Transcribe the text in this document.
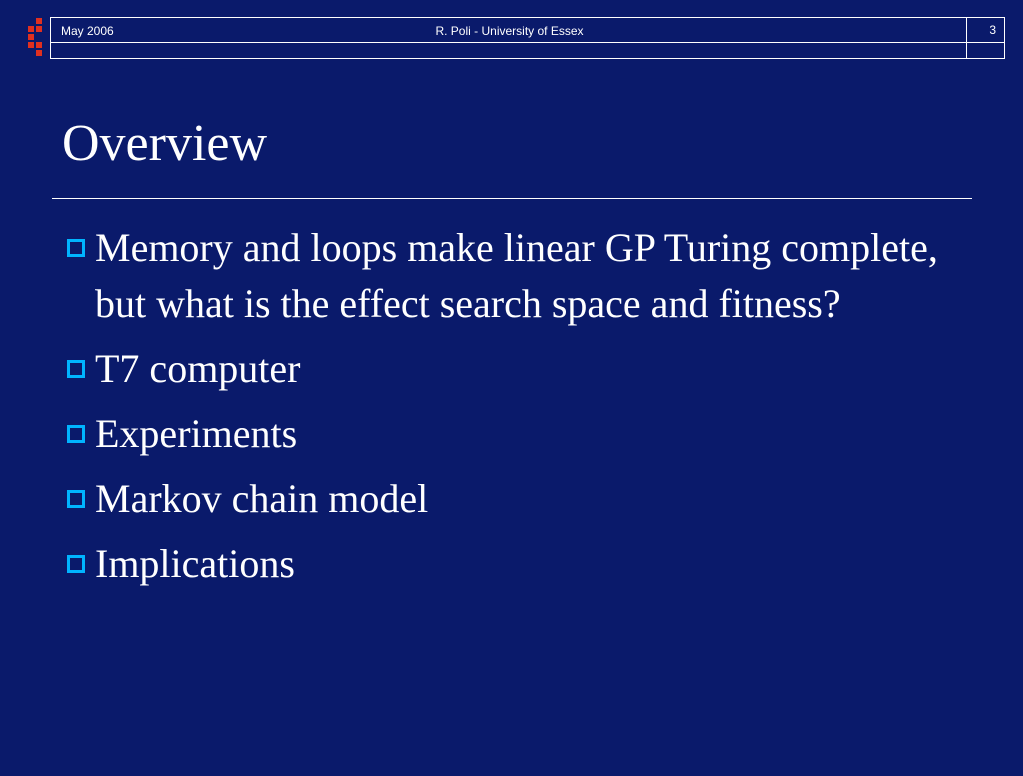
May 2006	R. Poli - University of Essex	3
Overview
Memory and loops make linear GP Turing complete, but what is the effect search space and fitness?
T7 computer
Experiments
Markov chain model
Implications
